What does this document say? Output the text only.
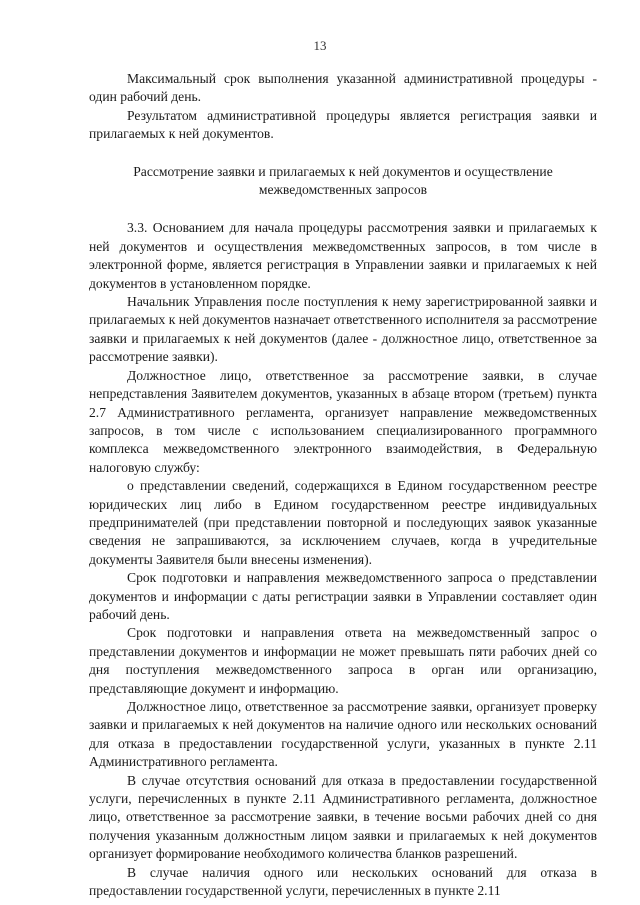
13

Максимальный срок выполнения указанной административной процедуры - один рабочий день.

Результатом административной процедуры является регистрация заявки и прилагаемых к ней документов.

Рассмотрение заявки и прилагаемых к ней документов и осуществление межведомственных запросов

3.3. Основанием для начала процедуры рассмотрения заявки и прилагаемых к ней документов и осуществления межведомственных запросов, в том числе в электронной форме, является регистрация в Управлении заявки и прилагаемых к ней документов в установленном порядке.

Начальник Управления после поступления к нему зарегистрированной заявки и прилагаемых к ней документов назначает ответственного исполнителя за рассмотрение заявки и прилагаемых к ней документов (далее - должностное лицо, ответственное за рассмотрение заявки).

Должностное лицо, ответственное за рассмотрение заявки, в случае непредставления Заявителем документов, указанных в абзаце втором (третьем) пункта 2.7 Административного регламента, организует направление межведомственных запросов, в том числе с использованием специализированного программного комплекса межведомственного электронного взаимодействия, в Федеральную налоговую службу:

о представлении сведений, содержащихся в Едином государственном реестре юридических лиц либо в Едином государственном реестре индивидуальных предпринимателей (при представлении повторной и последующих заявок указанные сведения не запрашиваются, за исключением случаев, когда в учредительные документы Заявителя были внесены изменения).

Срок подготовки и направления межведомственного запроса о представлении документов и информации с даты регистрации заявки в Управлении составляет один рабочий день.

Срок подготовки и направления ответа на межведомственный запрос о представлении документов и информации не может превышать пяти рабочих дней со дня поступления межведомственного запроса в орган или организацию, представляющие документ и информацию.

Должностное лицо, ответственное за рассмотрение заявки, организует проверку заявки и прилагаемых к ней документов на наличие одного или нескольких оснований для отказа в предоставлении государственной услуги, указанных в пункте 2.11 Административного регламента.

В случае отсутствия оснований для отказа в предоставлении государственной услуги, перечисленных в пункте 2.11 Административного регламента, должностное лицо, ответственное за рассмотрение заявки, в течение восьми рабочих дней со дня получения указанным должностным лицом заявки и прилагаемых к ней документов организует формирование необходимого количества бланков разрешений.

В случае наличия одного или нескольких оснований для отказа в предоставлении государственной услуги, перечисленных в пункте 2.11
